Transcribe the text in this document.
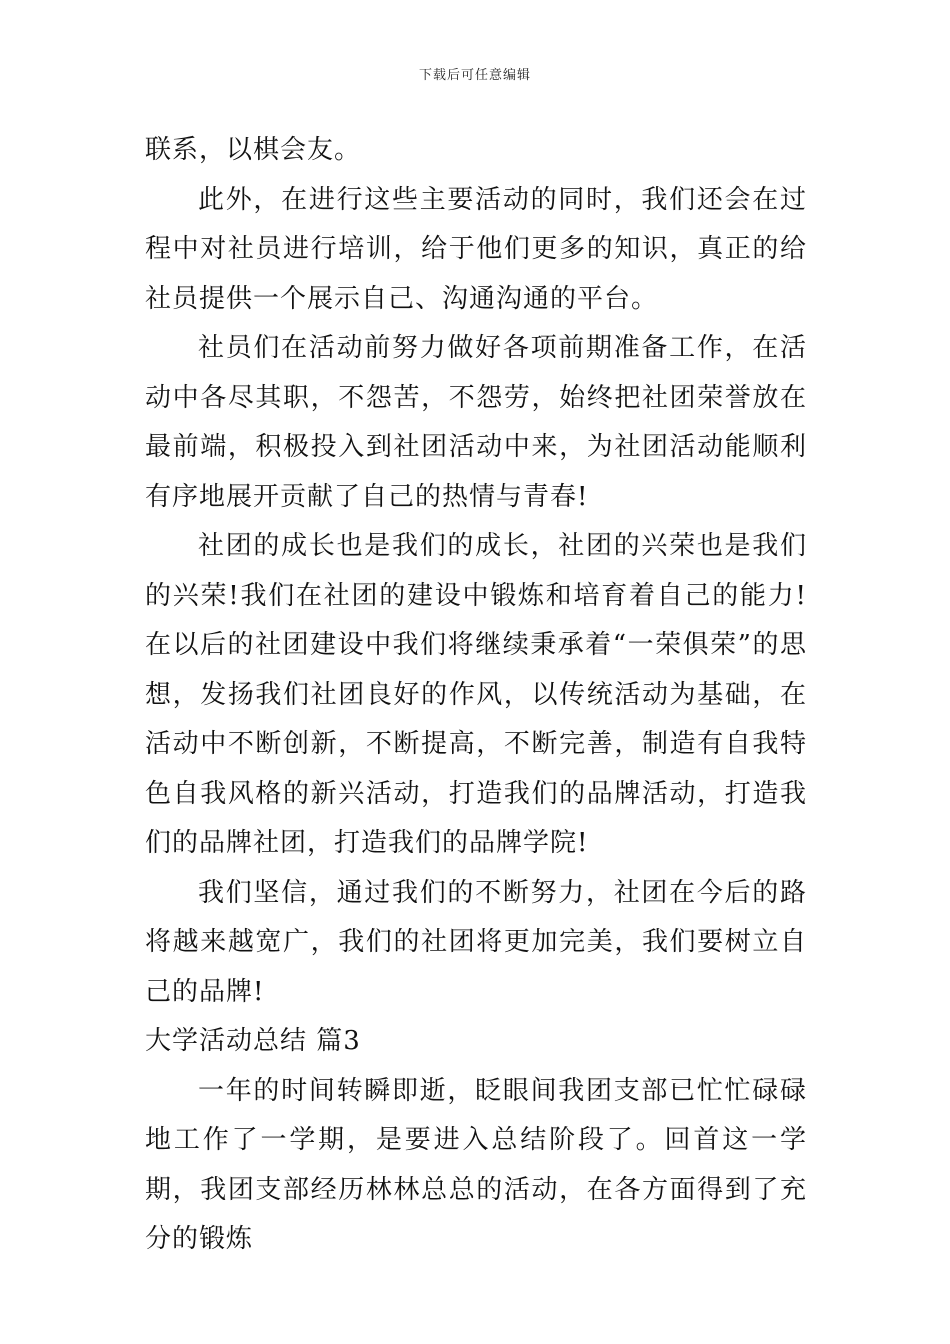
下载后可任意编辑

联系，以棋会友。

此外，在进行这些主要活动的同时，我们还会在过程中对社员进行培训，给于他们更多的知识，真正的给社员提供一个展示自己、沟通沟通的平台。

社员们在活动前努力做好各项前期准备工作，在活动中各尽其职，不怨苦，不怨劳，始终把社团荣誉放在最前端，积极投入到社团活动中来，为社团活动能顺利有序地展开贡献了自己的热情与青春!

社团的成长也是我们的成长，社团的兴荣也是我们的兴荣!我们在社团的建设中锻炼和培育着自己的能力!在以后的社团建设中我们将继续秉承着“一荣俱荣”的思想，发扬我们社团良好的作风，以传统活动为基础，在活动中不断创新，不断提高，不断完善，制造有自我特色自我风格的新兴活动，打造我们的品牌活动，打造我们的品牌社团，打造我们的品牌学院!

我们坚信，通过我们的不断努力，社团在今后的路将越来越宽广，我们的社团将更加完美，我们要树立自己的品牌!

大学活动总结 篇3

一年的时间转瞬即逝，眨眼间我团支部已忙忙碌碌地工作了一学期，是要进入总结阶段了。回首这一学期，我团支部经历林林总总的活动，在各方面得到了充分的锻炼
